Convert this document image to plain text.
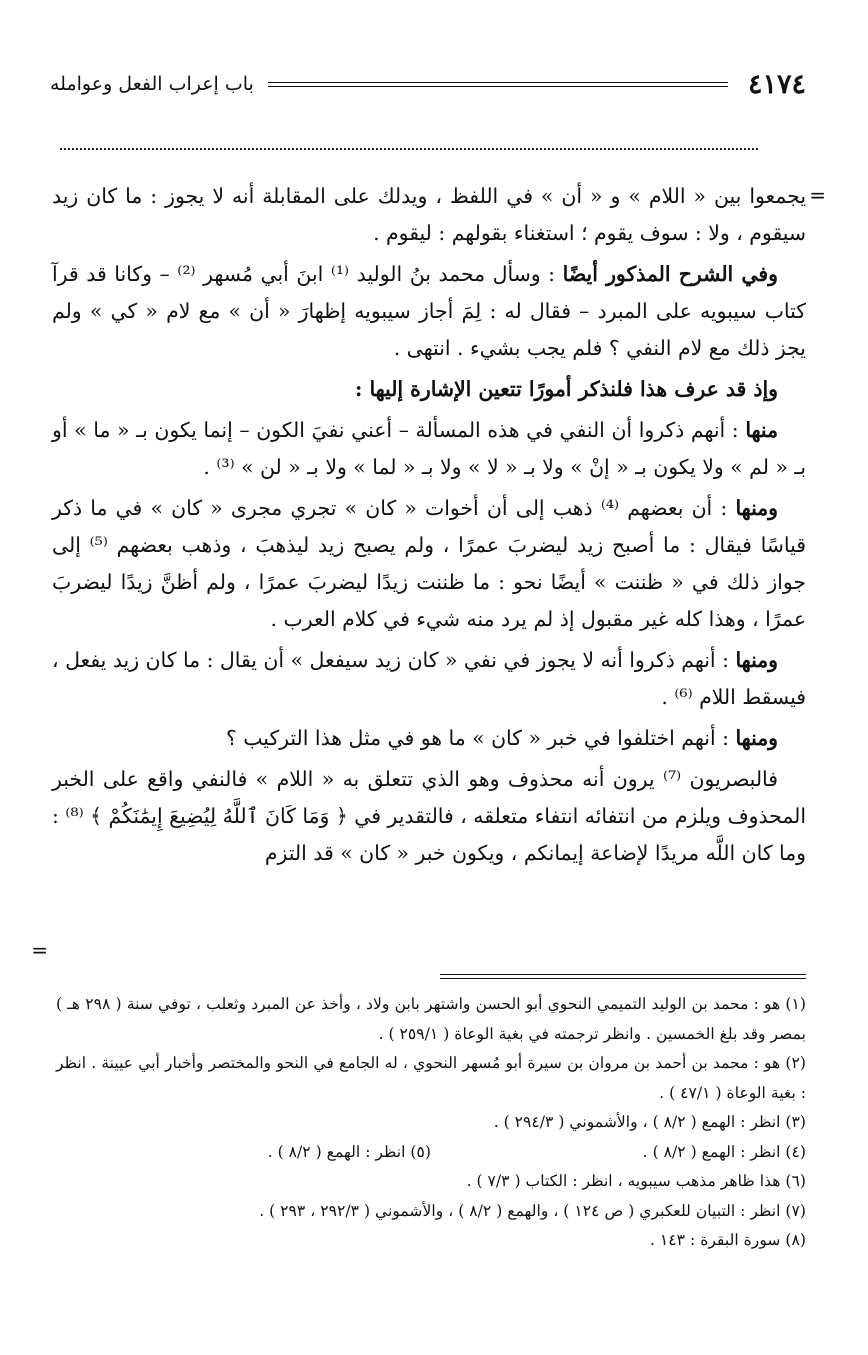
٤١٧٤
باب إعراب الفعل وعوامله
=
=

يجمعوا بين « اللام » و « أن » في اللفظ ، ويدلك على المقابلة أنه لا يجوز : ما كان زيد سيقوم ، ولا : سوف يقوم ؛ استغناء بقولهم : ليقوم .

وفي الشرح المذكور أيضًا : وسأل محمد بنُ الوليد ⁽¹⁾ ابنَ أبي مُسهر ⁽²⁾ – وكانا قد قرآ كتاب سيبويه على المبرد – فقال له : لِمَ أجاز سيبويه إظهارَ « أن » مع لام « كي » ولم يجز ذلك مع لام النفي ؟ فلم يجب بشيء . انتهى .

وإذ قد عرف هذا فلنذكر أمورًا تتعين الإشارة إليها :

منها : أنهم ذكروا أن النفي في هذه المسألة – أعني نفيَ الكون – إنما يكون بـ « ما » أو بـ « لم » ولا يكون بـ « إنْ » ولا بـ « لا » ولا بـ « لما » ولا بـ « لن » ⁽³⁾ .

ومنها : أن بعضهم ⁽⁴⁾ ذهب إلى أن أخوات « كان » تجري مجرى « كان » في ما ذكر قياسًا فيقال : ما أصبح زيد ليضربَ عمرًا ، ولم يصبح زيد ليذهبَ ، وذهب بعضهم ⁽⁵⁾ إلى جواز ذلك في « ظننت » أيضًا نحو : ما ظننت زيدًا ليضربَ عمرًا ، ولم أظنَّ زيدًا ليضربَ عمرًا ، وهذا كله غير مقبول إذ لم يرد منه شيء في كلام العرب .

ومنها : أنهم ذكروا أنه لا يجوز في نفي « كان زيد سيفعل » أن يقال : ما كان زيد يفعل ، فيسقط اللام ⁽⁶⁾ .

ومنها : أنهم اختلفوا في خبر « كان » ما هو في مثل هذا التركيب ؟

فالبصريون ⁽⁷⁾ يرون أنه محذوف وهو الذي تتعلق به « اللام » فالنفي واقع على الخبر المحذوف ويلزم من انتفائه انتفاء متعلقه ، فالتقدير في ﴿ وَمَا كَانَ ٱللَّهُ لِيُضِيعَ إِيمَٰنَكُمْ ﴾ ⁽⁸⁾ : وما كان اللَّه مريدًا لإضاعة إيمانكم ، ويكون خبر « كان » قد التزم

(١) هو : محمد بن الوليد التميمي النحوي أبو الحسن واشتهر بابن ولاد ، وأخذ عن المبرد وثعلب ، توفي سنة ( ٢٩٨ هـ ) بمصر وقد بلغ الخمسين . وانظر ترجمته في بغية الوعاة ( ٢٥٩/١ ) .

(٢) هو : محمد بن أحمد بن مروان بن سيرة أبو مُسهر النحوي ، له الجامع في النحو والمختصر وأخبار أبي عيينة . انظر : بغية الوعاة ( ٤٧/١ ) .

(٣) انظر : الهمع ( ٨/٢ ) ، والأشموني ( ٢٩٤/٣ ) .

(٤) انظر : الهمع ( ٨/٢ ) .

(٥) انظر : الهمع ( ٨/٢ ) .

(٦) هذا ظاهر مذهب سيبويه ، انظر : الكتاب ( ٧/٣ ) .

(٧) انظر : التبيان للعكبري ( ص ١٢٤ ) ، والهمع ( ٨/٢ ) ، والأشموني ( ٢٩٢/٣ ، ٢٩٣ ) .

(٨) سورة البقرة : ١٤٣ .
